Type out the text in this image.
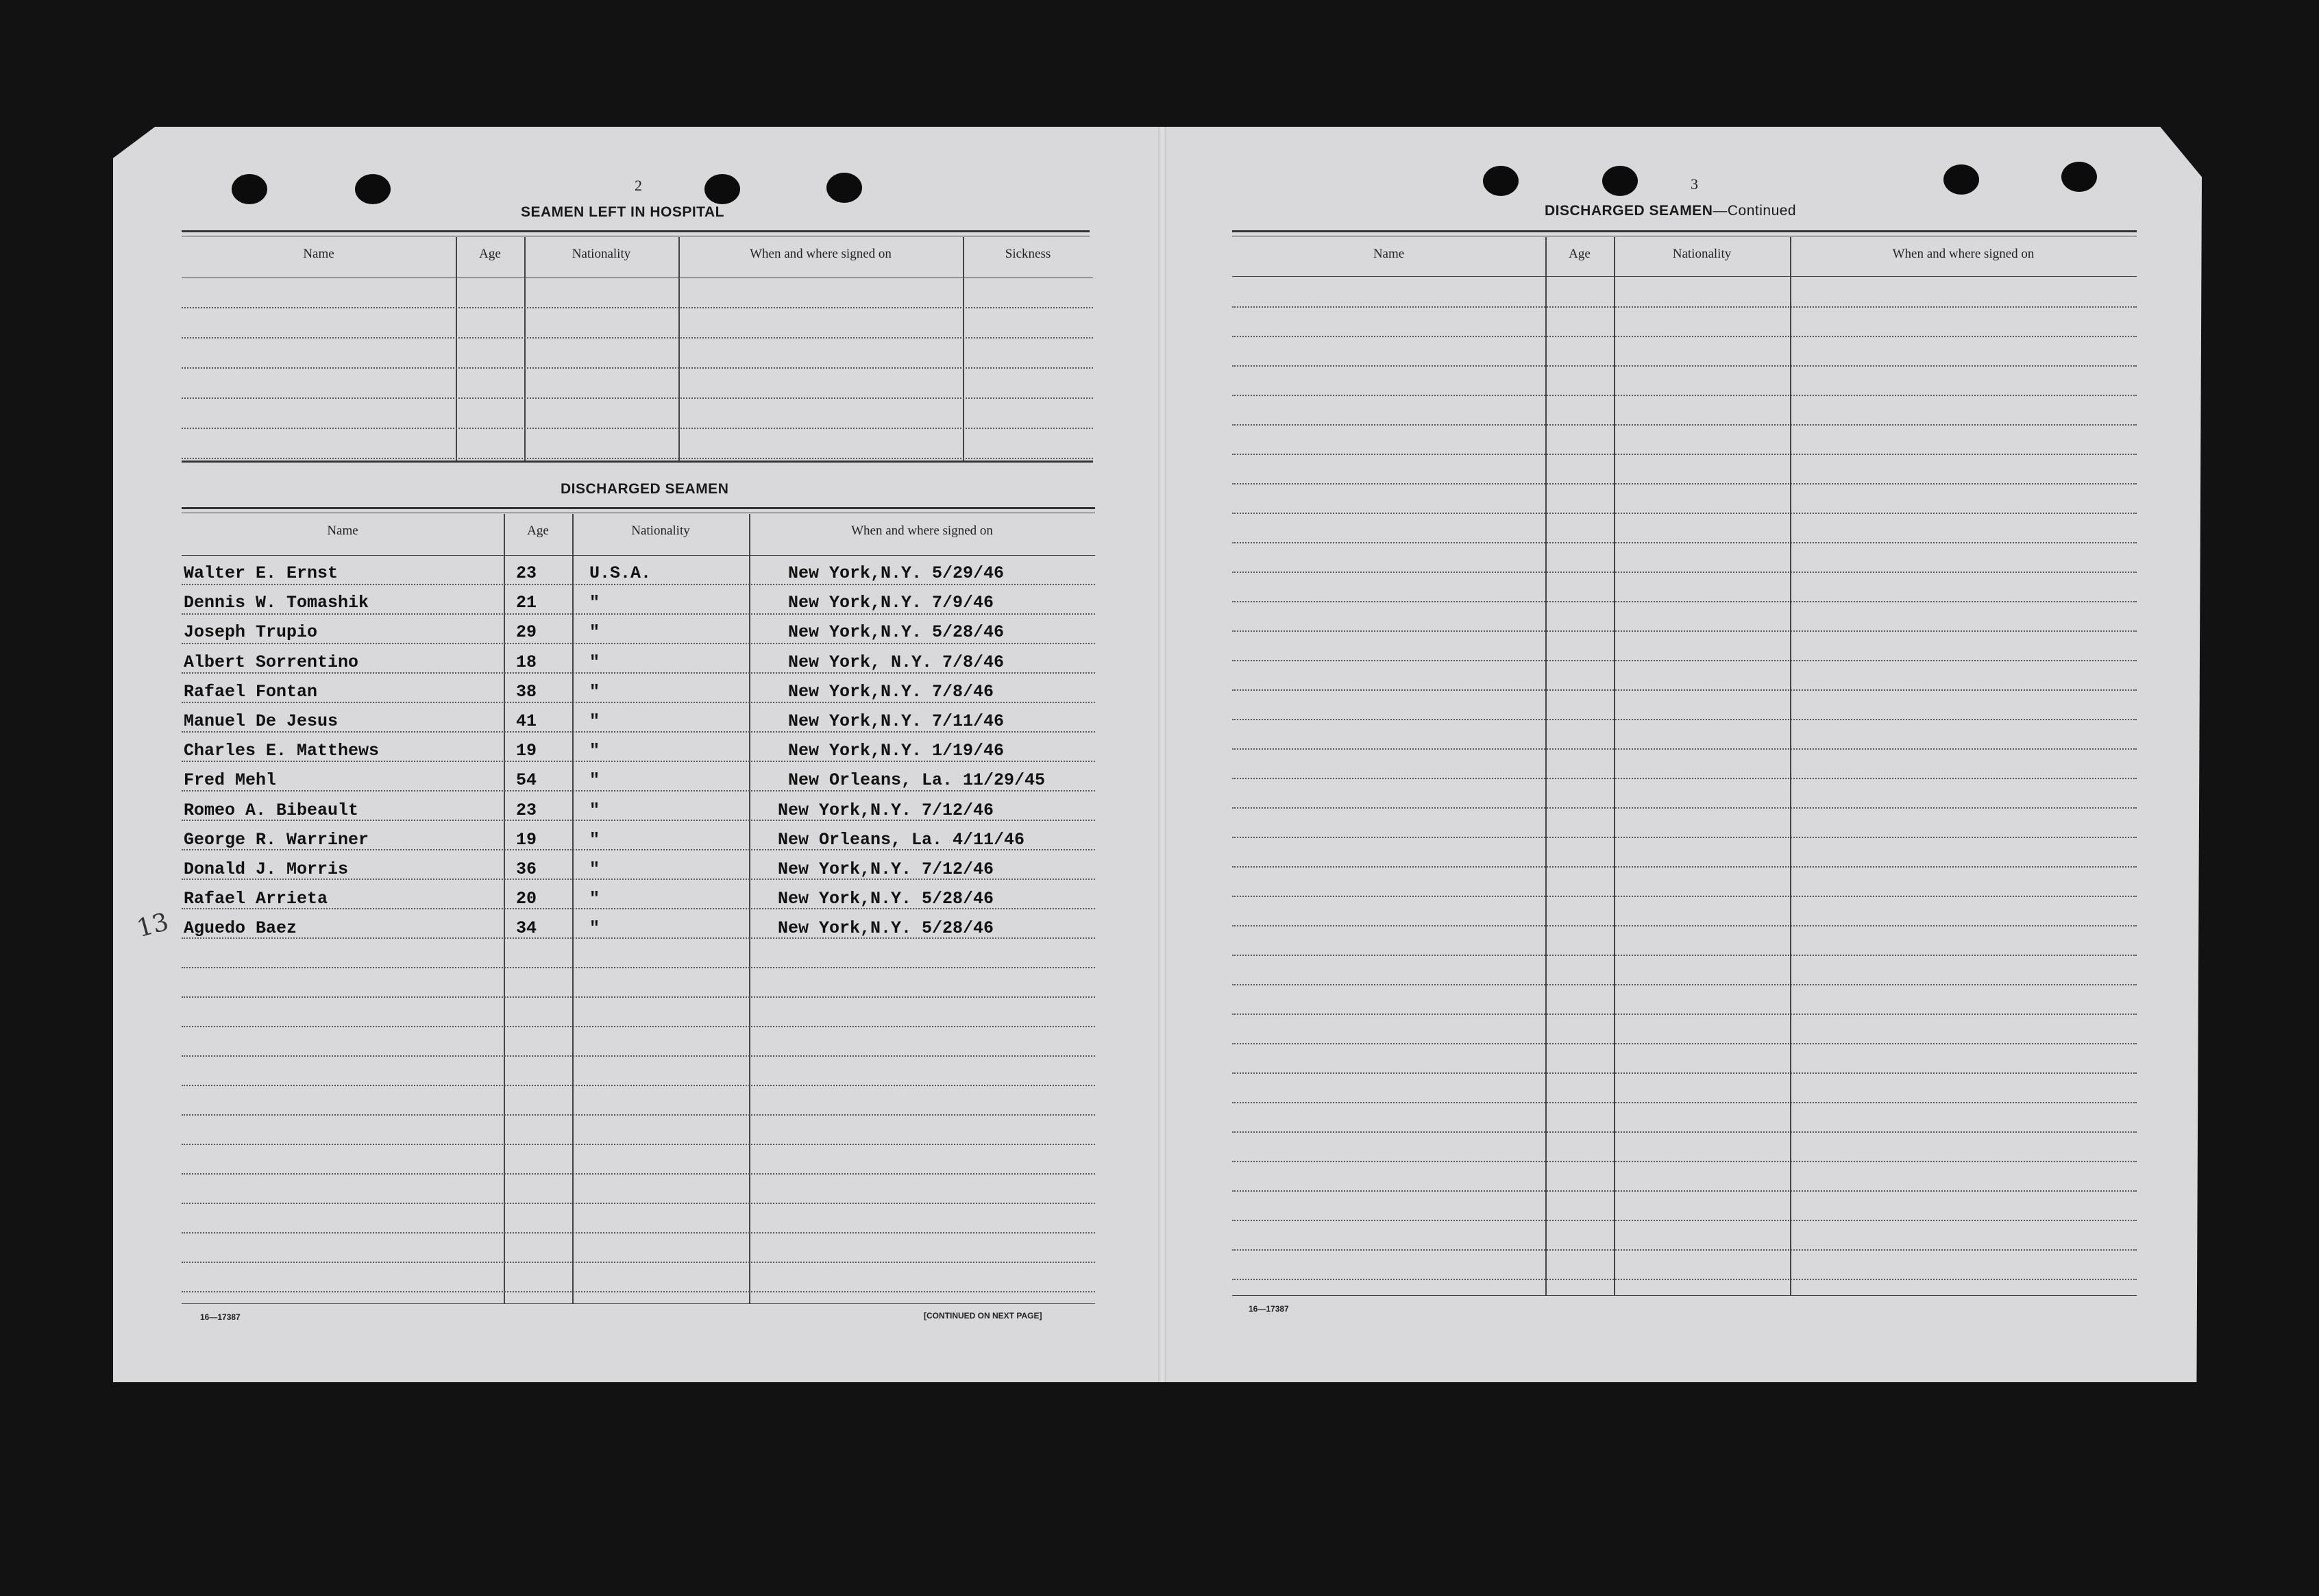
2
SEAMEN LEFT IN HOSPITAL
Name	Age	Nationality	When and where signed on	Sickness
DISCHARGED SEAMEN
Name	Age	Nationality	When and where signed on
Walter E. Ernst	23	U.S.A.	New York,N.Y. 5/29/46
Dennis W. Tomashik	21	"	New York,N.Y. 7/9/46
Joseph Trupio	29	"	New York,N.Y. 5/28/46
Albert Sorrentino	18	"	New York, N.Y. 7/8/46
Rafael Fontan	38	"	New York,N.Y. 7/8/46
Manuel De Jesus	41	"	New York,N.Y. 7/11/46
Charles E. Matthews	19	"	New York,N.Y. 1/19/46
Fred Mehl	54	"	New Orleans, La. 11/29/45
Romeo A. Bibeault	23	"	New York,N.Y. 7/12/46
George R. Warriner	19	"	New Orleans, La. 4/11/46
Donald J. Morris	36	"	New York,N.Y. 7/12/46
Rafael Arrieta	20	"	New York,N.Y. 5/28/46
Aguedo Baez	34	"	New York,N.Y. 5/28/46
13
16—17387	[CONTINUED ON NEXT PAGE]
3
DISCHARGED SEAMEN—Continued
Name	Age	Nationality	When and where signed on
16—17387
